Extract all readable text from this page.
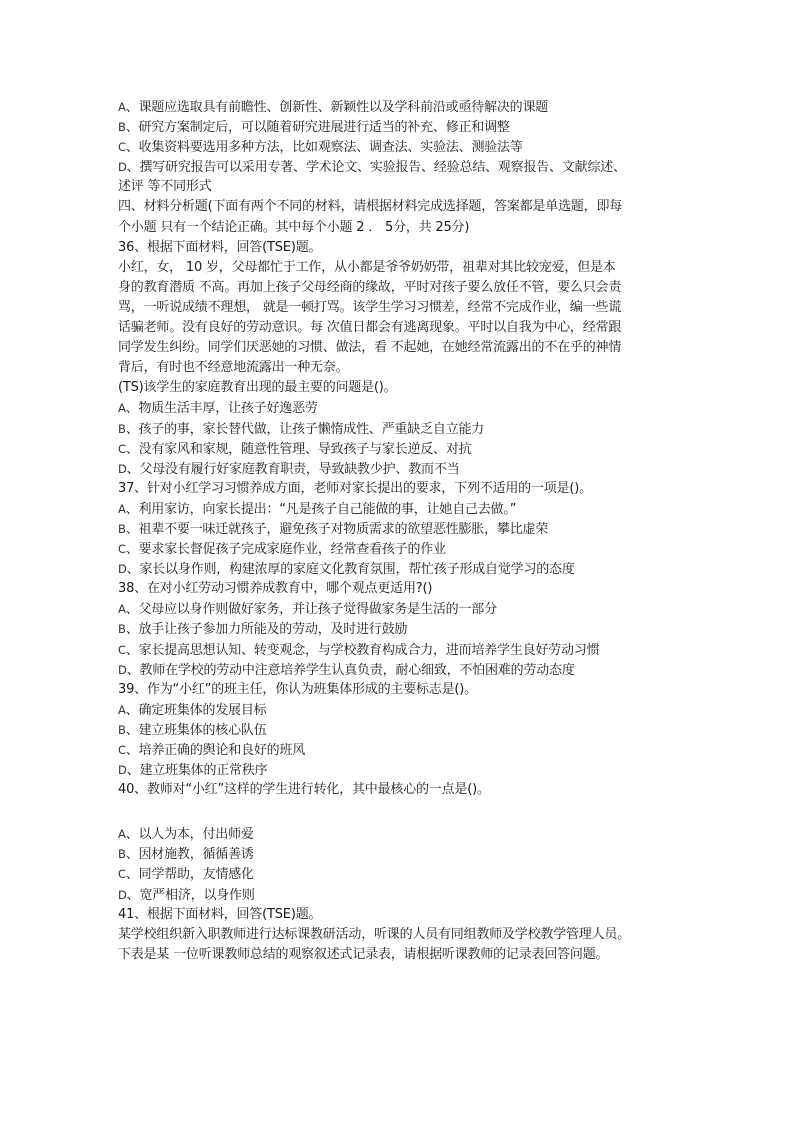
A、课题应选取具有前瞻性、创新性、新颖性以及学科前沿或亟待解决的课题
B、研究方案制定后，可以随着研究进展进行适当的补充、修正和调整
C、收集资料要选用多种方法，比如观察法、调查法、实验法、测验法等
D、撰写研究报告可以采用专著、学术论文、实验报告、经验总结、观察报告、文献综述、
述评 等不同形式
四、材料分析题(下面有两个不同的材料，请根据材料完成选择题，答案都是单选题，即每
个小题 只有一个结论正确。其中每个小题 2 ． 5分，共 25分)
36、根据下面材料，回答(TSE)题。
小红，女， 10 岁，父母都忙于工作，从小都是爷爷奶奶带，祖辈对其比较宠爱，但是本
身的教育潜质 不高。再加上孩子父母经商的缘故，平时对孩子要么放任不管，要么只会责
骂，一听说成绩不理想， 就是一顿打骂。该学生学习习惯差，经常不完成作业，编一些谎
话骗老师。没有良好的劳动意识。每 次值日都会有逃离现象。平时以自我为中心，经常跟
同学发生纠纷。同学们厌恶她的习惯、做法，看 不起她，在她经常流露出的不在乎的神情
背后，有时也不经意地流露出一种无奈。
(TS)该学生的家庭教育出现的最主要的问题是()。
A、物质生活丰厚，让孩子好逸恶劳
B、孩子的事，家长替代做，让孩子懒惰成性、严重缺乏自立能力
C、没有家风和家规，随意性管理、导致孩子与家长逆反、对抗
D、父母没有履行好家庭教育职责，导致缺教少护、教而不当
37、针对小红学习习惯养成方面，老师对家长提出的要求，下列不适用的一项是()。
A、利用家访，向家长提出：“凡是孩子自己能做的事，让她自己去做。”
B、祖辈不要一味迁就孩子，避免孩子对物质需求的欲望恶性膨胀，攀比虚荣
C、要求家长督促孩子完成家庭作业，经常查看孩子的作业
D、家长以身作则，构建浓厚的家庭文化教育氛围，帮忙孩子形成自觉学习的态度
38、在对小红劳动习惯养成教育中，哪个观点更适用?()
A、父母应以身作则做好家务，并让孩子觉得做家务是生活的一部分
B、放手让孩子参加力所能及的劳动，及时进行鼓励
C、家长提高思想认知、转变观念，与学校教育构成合力，进而培养学生良好劳动习惯
D、教师在学校的劳动中注意培养学生认真负责，耐心细致，不怕困难的劳动态度
39、作为“小红”的班主任，你认为班集体形成的主要标志是()。
A、确定班集体的发展目标
B、建立班集体的核心队伍
C、培养正确的舆论和良好的班风
D、建立班集体的正常秩序
40、教师对“小红”这样的学生进行转化，其中最核心的一点是()。
A、以人为本，付出师爱
B、因材施教，循循善诱
C、同学帮助，友情感化
D、宽严相济，以身作则
41、根据下面材料，回答(TSE)题。
某学校组织新入职教师进行达标课教研活动，听课的人员有同组教师及学校教学管理人员。
下表是某 一位听课教师总结的观察叙述式记录表，请根据听课教师的记录表回答问题。
